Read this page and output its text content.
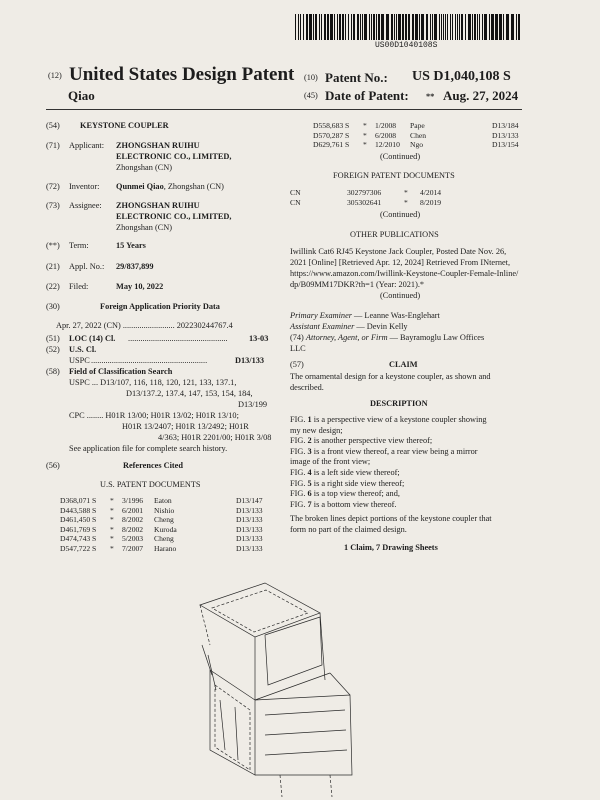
US00D1040108S
(12) United States Design Patent
Qiao
(10) Patent No.: US D1,040,108 S
(45) Date of Patent: ** Aug. 27, 2024
(54) KEYSTONE COUPLER
(71) Applicant: ZHONGSHAN RUIHU
ELECTRONIC CO., LIMITED,
Zhongshan (CN)
(72) Inventor: Qunmei Qiao, Zhongshan (CN)
(73) Assignee: ZHONGSHAN RUIHU
ELECTRONIC CO., LIMITED,
Zhongshan (CN)
(**) Term:	15 Years
(21) Appl. No.: 29/837,899
(22) Filed:	May 10, 2022
(30)	Foreign Application Priority Data
Apr. 27, 2022 (CN) ......................... 202230244767.4
(51) LOC (14) Cl. ................................................	13-03
(52) U.S. Cl.
USPC ........................................................	D13/133
(58) Field of Classification Search
USPC ... D13/107, 116, 118, 120, 121, 133, 137.1,
D13/137.2, 137.4, 147, 153, 154, 184,
D13/199
CPC ........ H01R 13/00; H01R 13/02; H01R 13/10;
H01R 13/2407; H01R 13/2492; H01R
4/363; H01R 2201/00; H01R 3/08
See application file for complete search history.
(56)	References Cited
U.S. PATENT DOCUMENTS
D368,071 S	*	3/1996	Eaton	D13/147
D443,588 S	*	6/2001	Nishio	D13/133
D461,450 S	*	8/2002	Cheng	D13/133
D461,769 S	*	8/2002	Kuroda	D13/133
D474,743 S	*	5/2003	Cheng	D13/133
D547,722 S	*	7/2007	Harano	D13/133
D558,683 S	*	1/2008	Pape	D13/184
D570,287 S	*	6/2008	Chen	D13/133
D629,761 S	*	12/2010	Ngo	D13/154
(Continued)
FOREIGN PATENT DOCUMENTS
CN	302797306	*	4/2014
CN	305302641	*	8/2019
(Continued)
OTHER PUBLICATIONS
Iwillink Cat6 RJ45 Keystone Jack Coupler, Posted Date Nov. 26,
2021 [Online] [Retrieved Apr. 12, 2024] Retrieved From INternet,
https://www.amazon.com/Iwillink-Keystone-Coupler-Female-Inline/
dp/B09MM17DKR?th=1 (Year: 2021).*
(Continued)
Primary Examiner — Leanne Was-Englehart
Assistant Examiner — Devin Kelly
(74) Attorney, Agent, or Firm — Bayramoglu Law Offices
LLC
(57)	CLAIM
The ornamental design for a keystone coupler, as shown and
described.
DESCRIPTION
FIG. 1 is a perspective view of a keystone coupler showing
my new design;
FIG. 2 is another perspective view thereof;
FIG. 3 is a front view thereof, a rear view being a mirror
image of the front view;
FIG. 4 is a left side view thereof;
FIG. 5 is a right side view thereof;
FIG. 6 is a top view thereof; and,
FIG. 7 is a bottom view thereof.
The broken lines depict portions of the keystone coupler that
form no part of the claimed design.
1 Claim, 7 Drawing Sheets
